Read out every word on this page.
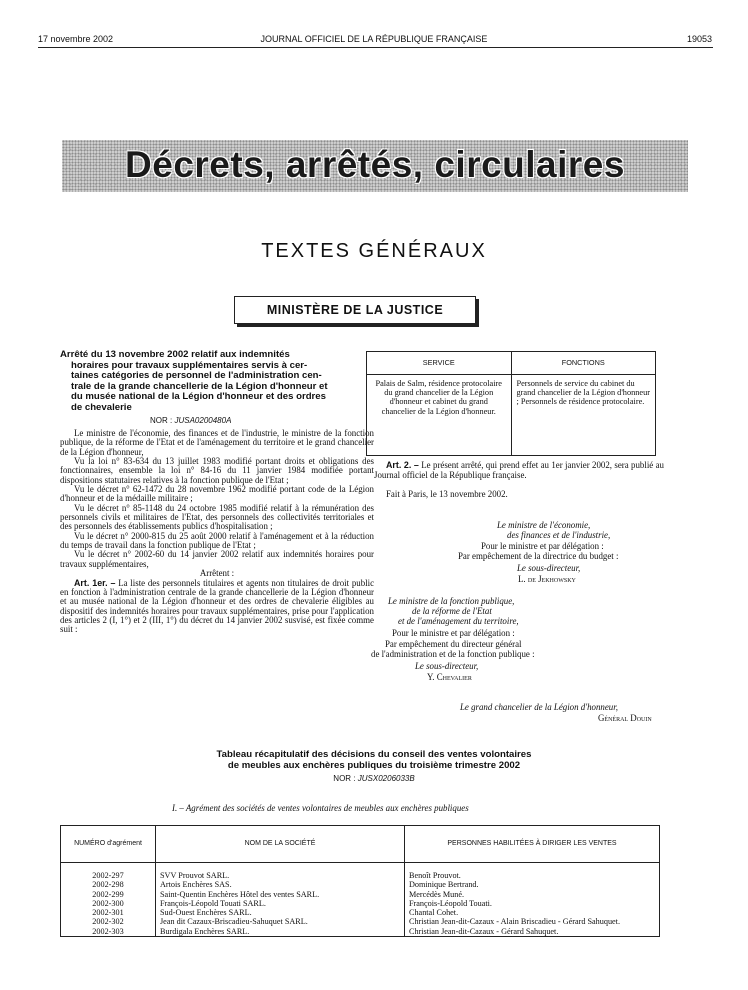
17 novembre 2002	JOURNAL OFFICIEL DE LA RÉPUBLIQUE FRANÇAISE	19053
Décrets, arrêtés, circulaires
TEXTES GÉNÉRAUX
MINISTÈRE DE LA JUSTICE
Arrêté du 13 novembre 2002 relatif aux indemnités
horaires pour travaux supplémentaires servis à cer-
taines catégories de personnel de l'administration cen-
trale de la grande chancellerie de la Légion d'honneur et
du musée national de la Légion d'honneur et des ordres
de chevalerie
NOR : JUSA0200480A

Le ministre de l'économie, des finances et de l'industrie, le ministre de la fonction publique, de la réforme de l'Etat et de l'aménagement du territoire et le grand chancelier de la Légion d'honneur,

Vu la loi n° 83-634 du 13 juillet 1983 modifié portant droits et obligations des fonctionnaires, ensemble la loi n° 84-16 du 11 janvier 1984 modifiée portant dispositions statutaires relatives à la fonction publique de l'Etat ;

Vu le décret n° 62-1472 du 28 novembre 1962 modifié portant code de la Légion d'honneur et de la médaille militaire ;

Vu le décret n° 85-1148 du 24 octobre 1985 modifié relatif à la rémunération des personnels civils et militaires de l'Etat, des personnels des collectivités territoriales et des personnels des établissements publics d'hospitalisation ;

Vu le décret n° 2000-815 du 25 août 2000 relatif à l'aménagement et à la réduction du temps de travail dans la fonction publique de l'Etat ;

Vu le décret n° 2002-60 du 14 janvier 2002 relatif aux indemnités horaires pour travaux supplémentaires,

Arrêtent :

Art. 1er. – La liste des personnels titulaires et agents non titulaires de droit public en fonction à l'administration centrale de la grande chancellerie de la Légion d'honneur et au musée national de la Légion d'honneur et des ordres de chevalerie éligibles au dispositif des indemnités horaires pour travaux supplémentaires, prise pour l'application des articles 2 (I, 1°) et 2 (III, 1°) du décret du 14 janvier 2002 susvisé, est fixée comme suit :

SERVICE	FONCTIONS
Palais de Salm, résidence protocolaire du grand chancelier de la Légion d'honneur et cabinet du grand chancelier de la Légion d'honneur.	Personnels de service du cabinet du grand chancelier de la Légion d'honneur ; Personnels de résidence protocolaire.

Art. 2. – Le présent arrêté, qui prend effet au 1er janvier 2002, sera publié au Journal officiel de la République française.

Fait à Paris, le 13 novembre 2002.

Le ministre de l'économie,
des finances et de l'industrie,
Pour le ministre et par délégation :
Par empêchement de la directrice du budget :
Le sous-directeur,
L. de Jekhowsky
Le ministre de la fonction publique,
de la réforme de l'Etat
et de l'aménagement du territoire,
Pour le ministre et par délégation :
Par empêchement du directeur général
de l'administration et de la fonction publique :
Le sous-directeur,
Y. Chevalier
Le grand chancelier de la Légion d'honneur,
Général Douin
Tableau récapitulatif des décisions du conseil des ventes volontaires
de meubles aux enchères publiques du troisième trimestre 2002
NOR : JUSX0206033B
I. – Agrément des sociétés de ventes volontaires de meubles aux enchères publiques
NUMÉRO d'agrément	NOM DE LA SOCIÉTÉ	PERSONNES HABILITÉES À DIRIGER LES VENTES

2002-297	SVV Prouvot SARL.	Benoît Prouvot.
2002-298	Artois Enchères SAS.	Dominique Bertrand.
2002-299	Saint-Quentin Enchères Hôtel des ventes SARL.	Mercédès Muné.
2002-300	François-Léopold Touati SARL.	François-Léopold Touati.
2002-301	Sud-Ouest Enchères SARL.	Chantal Cohet.
2002-302	Jean dit Cazaux-Briscadieu-Sahuquet SARL.	Christian Jean-dit-Cazaux - Alain Briscadieu - Gérard Sahuquet.
2002-303	Burdigala Enchères SARL.	Christian Jean-dit-Cazaux - Gérard Sahuquet.
